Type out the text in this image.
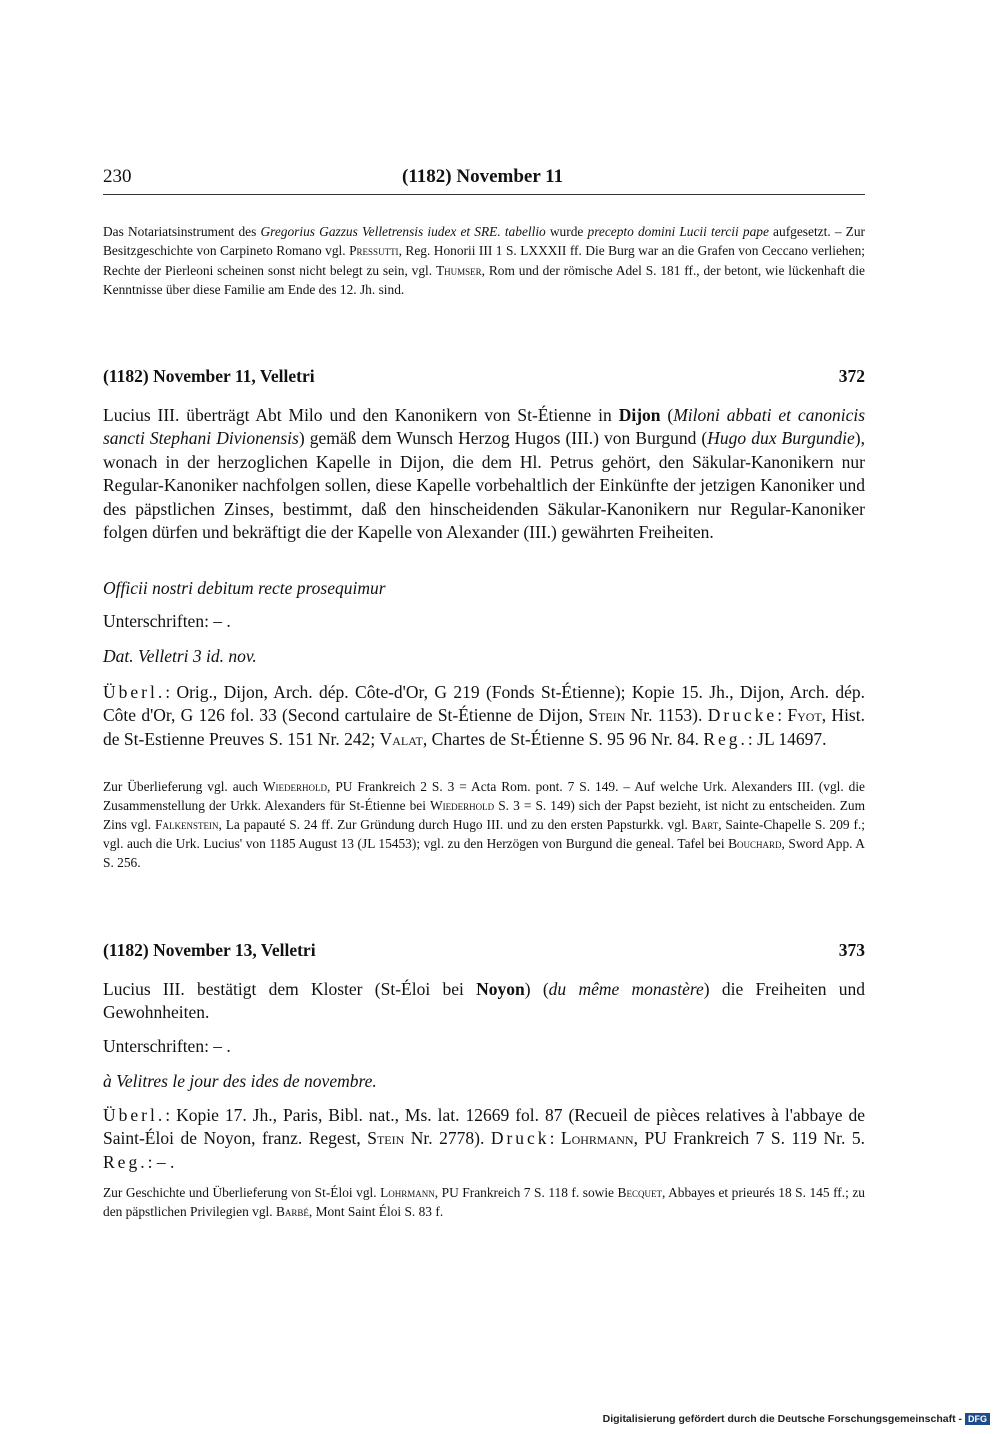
230	(1182) November 11
Das Notariatsinstrument des Gregorius Gazzus Velletrensis iudex et SRE. tabellio wurde precepto domini Lucii tercii pape aufgesetzt. – Zur Besitzgeschichte von Carpineto Romano vgl. Pressutti, Reg. Honorii III 1 S. LXXXII ff. Die Burg war an die Grafen von Ceccano verliehen; Rechte der Pierleoni scheinen sonst nicht belegt zu sein, vgl. Thumser, Rom und der römische Adel S. 181 ff., der betont, wie lückenhaft die Kenntnisse über diese Familie am Ende des 12. Jh. sind.
(1182) November 11, Velletri	372
Lucius III. überträgt Abt Milo und den Kanonikern von St-Étienne in Dijon (Miloni abbati et canonicis sancti Stephani Divionensis) gemäß dem Wunsch Herzog Hugos (III.) von Burgund (Hugo dux Burgundie), wonach in der herzoglichen Kapelle in Dijon, die dem Hl. Petrus gehört, den Säkular-Kanonikern nur Regular-Kanoniker nachfolgen sollen, diese Kapelle vorbehaltlich der Einkünfte der jetzigen Kanoniker und des päpstlichen Zinses, bestimmt, daß den hinscheidenden Säkular-Kanonikern nur Regular-Kanoniker folgen dürfen und bekräftigt die der Kapelle von Alexander (III.) gewährten Freiheiten.
Officii nostri debitum recte prosequimur
Unterschriften: – .
Dat. Velletri 3 id. nov.
Überl.: Orig., Dijon, Arch. dép. Côte-d'Or, G 219 (Fonds St-Étienne); Kopie 15. Jh., Dijon, Arch. dép. Côte d'Or, G 126 fol. 33 (Second cartulaire de St-Étienne de Dijon, Stein Nr. 1153). Drucke: Fyot, Hist. de St-Estienne Preuves S. 151 Nr. 242; Valat, Chartes de St-Étienne S. 95 96 Nr. 84. Reg.: JL 14697.
Zur Überlieferung vgl. auch Wiederhold, PU Frankreich 2 S. 3 = Acta Rom. pont. 7 S. 149. – Auf welche Urk. Alexanders III. (vgl. die Zusammenstellung der Urkk. Alexanders für St-Étienne bei Wiederhold S. 3 = S. 149) sich der Papst bezieht, ist nicht zu entscheiden. Zum Zins vgl. Falkenstein, La papauté S. 24 ff. Zur Gründung durch Hugo III. und zu den ersten Papsturkk. vgl. Bart, Sainte-Chapelle S. 209 f.; vgl. auch die Urk. Lucius' von 1185 August 13 (JL 15453); vgl. zu den Herzögen von Burgund die geneal. Tafel bei Bouchard, Sword App. A S. 256.
(1182) November 13, Velletri	373
Lucius III. bestätigt dem Kloster (St-Éloi bei Noyon) (du même monastère) die Freiheiten und Gewohnheiten.
Unterschriften: – .
à Velitres le jour des ides de novembre.
Überl.: Kopie 17. Jh., Paris, Bibl. nat., Ms. lat. 12669 fol. 87 (Recueil de pièces relatives à l'abbaye de Saint-Éloi de Noyon, franz. Regest, Stein Nr. 2778). Druck: Lohrmann, PU Frankreich 7 S. 119 Nr. 5. Reg.: – .
Zur Geschichte und Überlieferung von St-Éloi vgl. Lohrmann, PU Frankreich 7 S. 118 f. sowie Becquet, Abbayes et prieurés 18 S. 145 ff.; zu den päpstlichen Privilegien vgl. Barbé, Mont Saint Éloi S. 83 f.
Digitalisierung gefördert durch die Deutsche Forschungsgemeinschaft - DFG
